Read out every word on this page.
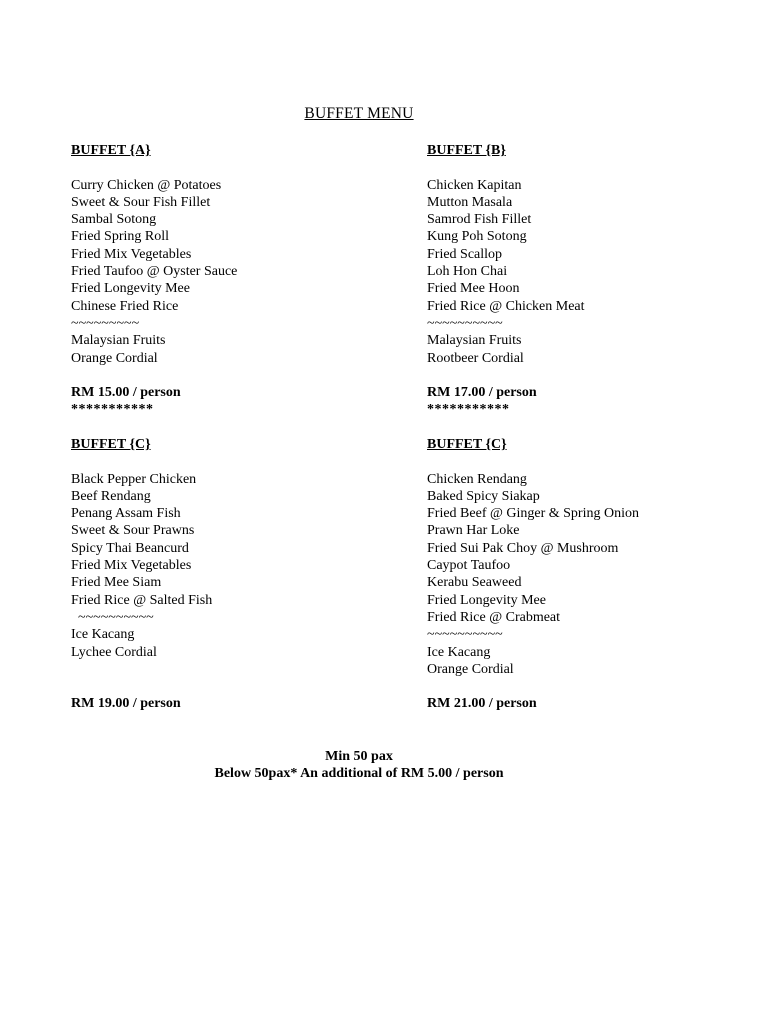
BUFFET MENU
BUFFET {A}
Curry Chicken @ Potatoes
Sweet & Sour Fish Fillet
Sambal Sotong
Fried Spring Roll
Fried Mix Vegetables
Fried Taufoo @ Oyster Sauce
Fried Longevity Mee
Chinese Fried Rice
~~~~~~~~~
Malaysian Fruits
Orange Cordial
RM 15.00 / person
***********
BUFFET {B}
Chicken Kapitan
Mutton Masala
Samrod Fish Fillet
Kung Poh Sotong
Fried Scallop
Loh Hon Chai
Fried Mee Hoon
Fried Rice @ Chicken Meat
~~~~~~~~~~
Malaysian Fruits
Rootbeer Cordial
RM 17.00 / person
***********
BUFFET {C}
Black Pepper Chicken
Beef Rendang
Penang Assam Fish
Sweet & Sour Prawns
Spicy Thai Beancurd
Fried Mix Vegetables
Fried Mee Siam
Fried Rice @ Salted Fish
~~~~~~~~~~
Ice Kacang
Lychee Cordial
RM 19.00 / person
BUFFET {C}
Chicken Rendang
Baked Spicy Siakap
Fried Beef @ Ginger & Spring Onion
Prawn Har Loke
Fried Sui Pak Choy @ Mushroom
Caypot Taufoo
Kerabu Seaweed
Fried Longevity Mee
Fried Rice @ Crabmeat
~~~~~~~~~~
Ice Kacang
Orange Cordial
RM 21.00 / person
Min 50 pax
Below 50pax* An additional of RM 5.00 / person
